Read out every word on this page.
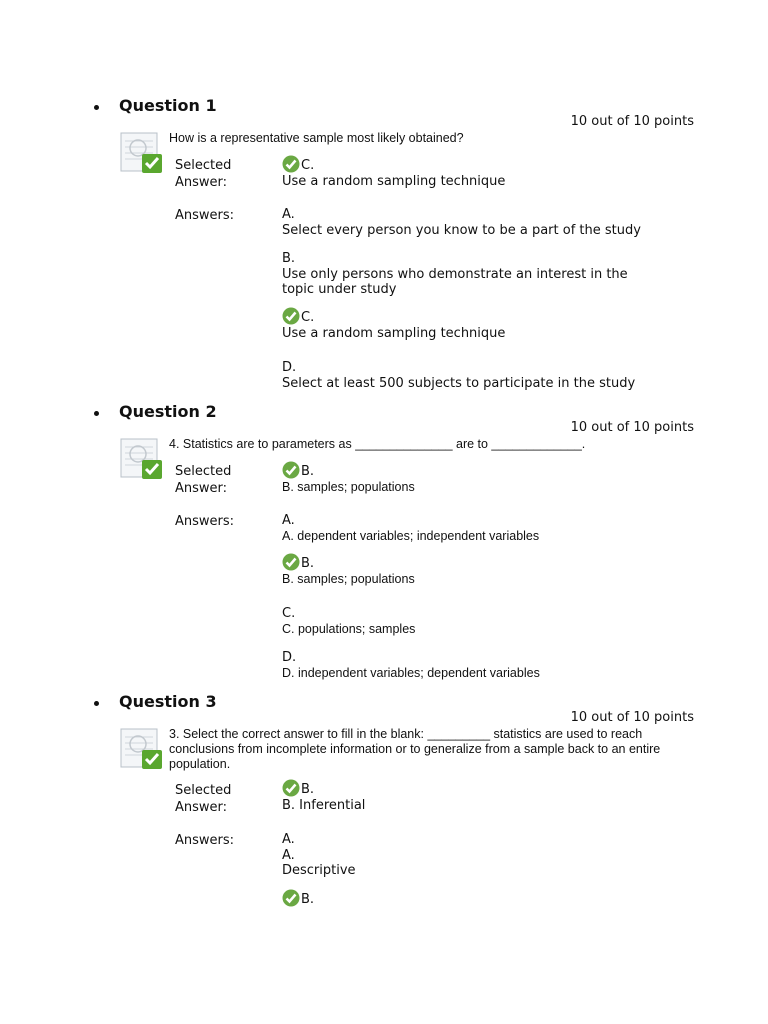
Question 1
10 out of 10 points
How is a representative sample most likely obtained?
Selected Answer:
C.
Use a random sampling technique
Answers:	A.
Select every person you know to be a part of the study
B.
Use only persons who demonstrate an interest in the topic under study
C.
Use a random sampling technique
D.
Select at least 500 subjects to participate in the study
Question 2
10 out of 10 points
4. Statistics are to parameters as ______________ are to _____________.
Selected Answer:
B.
B. samples; populations
Answers:	A.
A. dependent variables; independent variables
B.
B. samples; populations
C.
C. populations; samples
D.
D. independent variables; dependent variables
Question 3
10 out of 10 points
3. Select the correct answer to fill in the blank: _________ statistics are used to reach conclusions from incomplete information or to generalize from a sample back to an entire population.
Selected Answer:
B.
B. Inferential
Answers:	A.
A. Descriptive
B.
